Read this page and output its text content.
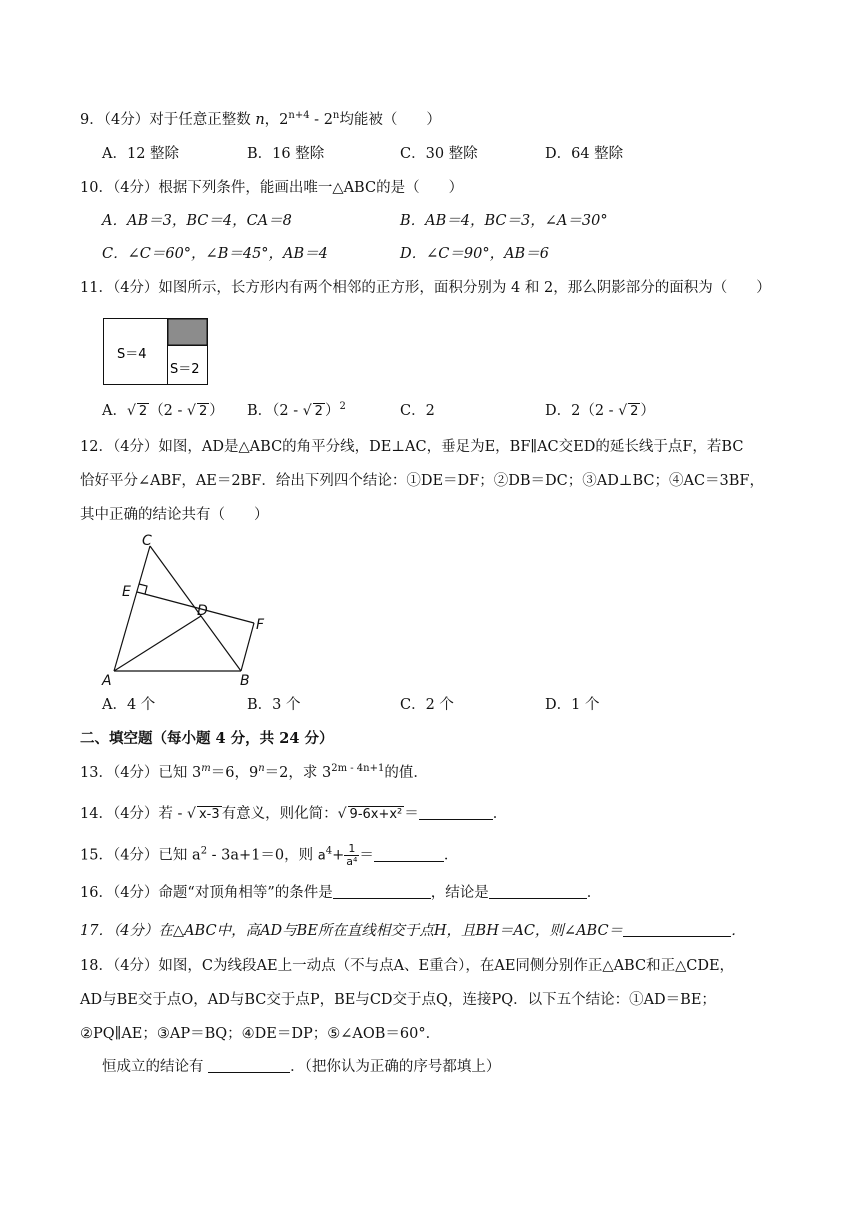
9．（4分）对于任意正整数 n，$2^{n+4} - 2^n$均能被（　　）
A．12 整除	B．16 整除	C．30 整除	D．64 整除
10．（4分）根据下列条件，能画出唯一△ABC的是（　　）
A．AB＝3，BC＝4，CA＝8	B．AB＝4，BC＝3，∠A＝30°
C．∠C＝60°，∠B＝45°，AB＝4	D．∠C＝90°，AB＝6
11．（4分）如图所示，长方形内有两个相邻的正方形，面积分别为 4 和 2，那么阴影部分的面积为（　　）
S＝4
S＝2
A．√ 2 （2 - √ 2 ） B．（2 - √ 2 ）$^2$	C．2	D．2（2 - √ 2 ）
12．（4分）如图，AD是△ABC的角平分线，DE⊥AC，垂足为E，BF∥AC交ED的延长线于点F，若BC
恰好平分∠ABF，AE＝2BF．给出下列四个结论：①DE＝DF；②DB＝DC；③AD⊥BC；④AC＝3BF，
其中正确的结论共有（　　）
C
E
D
F
A	B
A．4 个	B．3 个	C．2 个	D．1 个
二、填空题（每小题 4 分，共 24 分）
13．（4分）已知 $3^m=6$，$9^n=2$，求 $3^{2m - 4n+1}$的值．
14．（4分）若 - √ x-3 有意义，则化简：√ 9-6x+x² ＝	．
15．（4分）已知 $a^2 - 3a+1=0$，则 $a^4+ \frac{1}{\text{a⁴}}$ ＝	．
16．（4分）命题“对顶角相等”的条件是	，结论是	．
17．（4分）在△ABC中，高AD与BE所在直线相交于点H，且BH＝AC，则∠ABC＝	．
18．（4分）如图，C为线段AE上一动点（不与点A、E重合），在AE同侧分别作正△ABC和正△CDE，
AD与BE交于点O，AD与BC交于点P，BE与CD交于点Q，连接PQ．以下五个结论：①AD＝BE；
②PQ∥AE；③AP＝BQ；④DE＝DP；⑤∠AOB＝60°．
恒成立的结论有	．（把你认为正确的序号都填上）
